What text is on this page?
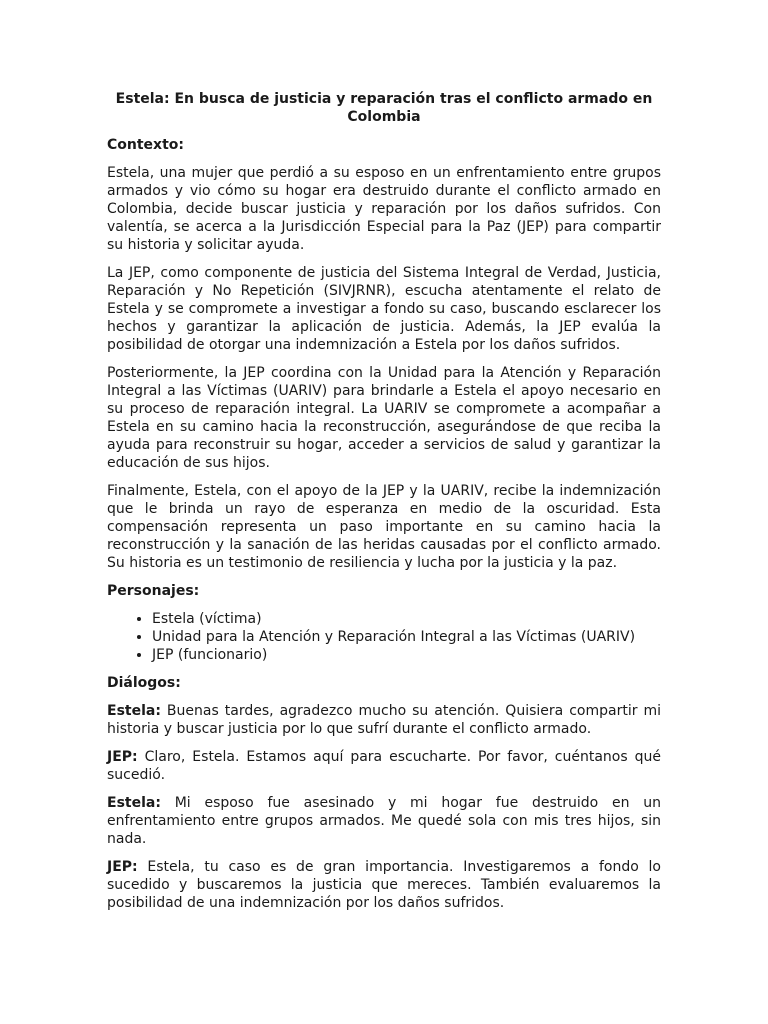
Estela: En busca de justicia y reparación tras el conflicto armado en Colombia
Contexto:

Estela, una mujer que perdió a su esposo en un enfrentamiento entre grupos armados y vio cómo su hogar era destruido durante el conflicto armado en Colombia, decide buscar justicia y reparación por los daños sufridos. Con valentía, se acerca a la Jurisdicción Especial para la Paz (JEP) para compartir su historia y solicitar ayuda.

La JEP, como componente de justicia del Sistema Integral de Verdad, Justicia, Reparación y No Repetición (SIVJRNR), escucha atentamente el relato de Estela y se compromete a investigar a fondo su caso, buscando esclarecer los hechos y garantizar la aplicación de justicia. Además, la JEP evalúa la posibilidad de otorgar una indemnización a Estela por los daños sufridos.

Posteriormente, la JEP coordina con la Unidad para la Atención y Reparación Integral a las Víctimas (UARIV) para brindarle a Estela el apoyo necesario en su proceso de reparación integral. La UARIV se compromete a acompañar a Estela en su camino hacia la reconstrucción, asegurándose de que reciba la ayuda para reconstruir su hogar, acceder a servicios de salud y garantizar la educación de sus hijos.

Finalmente, Estela, con el apoyo de la JEP y la UARIV, recibe la indemnización que le brinda un rayo de esperanza en medio de la oscuridad. Esta compensación representa un paso importante en su camino hacia la reconstrucción y la sanación de las heridas causadas por el conflicto armado. Su historia es un testimonio de resiliencia y lucha por la justicia y la paz.

Personajes:
• Estela (víctima)
• Unidad para la Atención y Reparación Integral a las Víctimas (UARIV)
• JEP (funcionario)
Diálogos:

Estela: Buenas tardes, agradezco mucho su atención. Quisiera compartir mi historia y buscar justicia por lo que sufrí durante el conflicto armado.

JEP: Claro, Estela. Estamos aquí para escucharte. Por favor, cuéntanos qué sucedió.

Estela: Mi esposo fue asesinado y mi hogar fue destruido en un enfrentamiento entre grupos armados. Me quedé sola con mis tres hijos, sin nada.

JEP: Estela, tu caso es de gran importancia. Investigaremos a fondo lo sucedido y buscaremos la justicia que mereces. También evaluaremos la posibilidad de una indemnización por los daños sufridos.
